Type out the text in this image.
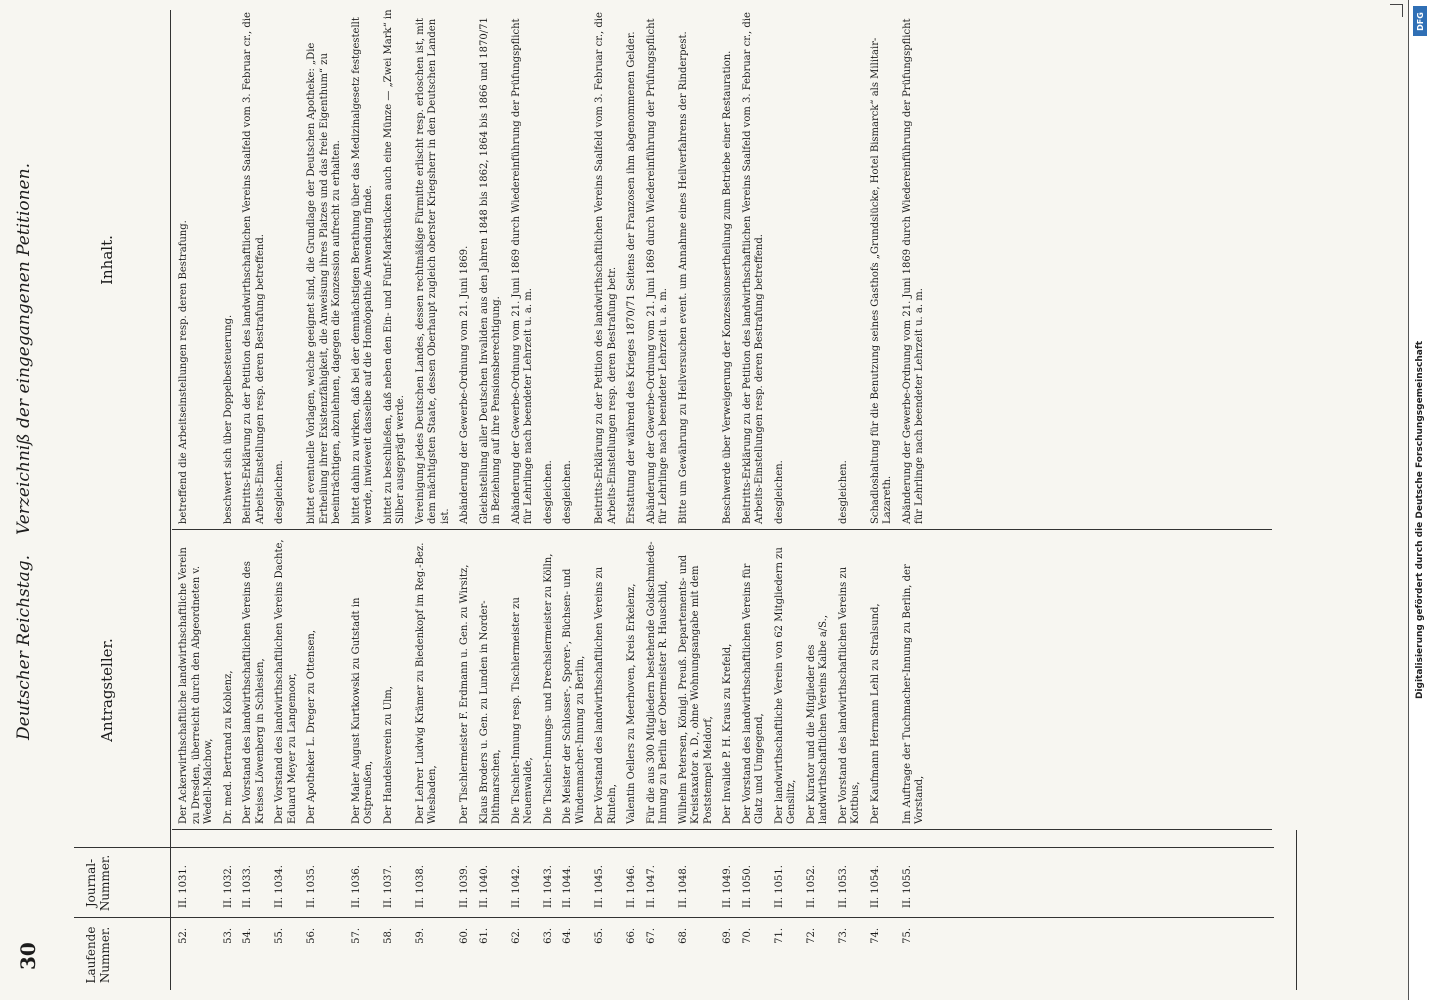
DFG
Digitalisierung gefördert durch die Deutsche Forschungsgemeinschaft
30
Deutscher Reichstag.Verzeichniß der eingegangenen Petitionen.
Laufende Nummer.
Journal-Nummer.
Antragsteller.
Inhalt.
52.
II. 1031.
Der Ackerwirthschaftliche landwirthschaftliche Verein zu Dresden, überreicht durch den Abgeordneten v. Wedell-Malchow,
betreffend die Arbeitseinstellungen resp. deren Bestrafung.
53.
II. 1032.
Dr. med. Bertrand zu Koblenz,
beschwert sich über Doppelbesteuerung.
54.
II. 1033.
Der Vorstand des landwirthschaftlichen Vereins des Kreises Löwenberg in Schlesien,
Beitritts-Erklärung zu der Petition des landwirthschaftlichen Vereins Saalfeld vom 3. Februar cr., die Arbeits-Einstellungen resp. deren Bestrafung betreffend.
55.
II. 1034.
Der Vorstand des landwirthschaftlichen Vereins Dachte, Eduard Meyer zu Langemoor,
desgleichen.
56.
II. 1035.
Der Apotheker L. Dreger zu Ottensen,
bittet eventuelle Vorlagen, welche geeignet sind, die Grundlage der Deutschen Apotheke: „Die Ertheilung ihrer Existenzfähigkeit, die Anweisung ihres Platzes und das freie Eigenthum“ zu beeinträchtigen, abzulehnen, dagegen die Konzession aufrecht zu erhalten.
57.
II. 1036.
Der Maler August Kurtkowski zu Gutstadt in Ostpreußen,
bittet dahin zu wirken, daß bei der demnächstigen Berathung über das Medizinalgesetz festgestellt werde, inwieweit dasselbe auf die Homöopathie Anwendung finde.
58.
II. 1037.
Der Handelsverein zu Ulm,
bittet zu beschließen, daß neben den Ein- und Fünf-Markstücken auch eine Münze — „Zwei Mark“ in Silber ausgeprägt werde.
59.
II. 1038.
Der Lehrer Ludwig Krämer zu Biedenkopf im Reg.-Bez. Wiesbaden,
Vereinigung jedes Deutschen Landes, dessen rechtmäßige Fürmitte erlischt resp. erloschen ist, mit dem mächtigsten Staate, dessen Oberhaupt zugleich oberster Kriegsherr in den Deutschen Landen ist.
60.
II. 1039.
Der Tischlermeister F. Erdmann u. Gen. zu Wirsitz,
Abänderung der Gewerbe-Ordnung vom 21. Juni 1869.
61.
II. 1040.
Klaus Broders u. Gen. zu Lunden in Norder-Dithmarschen,
Gleichstellung aller Deutschen Invaliden aus den Jahren 1848 bis 1862, 1864 bis 1866 und 1870/71 in Beziehung auf ihre Pensionsberechtigung.
62.
II. 1042.
Die Tischler-Innung resp. Tischlermeister zu Neuenwalde,
Abänderung der Gewerbe-Ordnung vom 21. Juni 1869 durch Wiedereinführung der Prüfungspflicht für Lehrlinge nach beendeter Lehrzeit u. a. m.
63.
II. 1043.
Die Tischler-Innungs- und Drechslermeister zu Kölln,
desgleichen.
64.
II. 1044.
Die Meister der Schlosser-, Sporer-, Büchsen- und Windenmacher-Innung zu Berlin,
desgleichen.
65.
II. 1045.
Der Vorstand des landwirthschaftlichen Vereins zu Rinteln,
Beitritts-Erklärung zu der Petition des landwirthschaftlichen Vereins Saalfeld vom 3. Februar cr., die Arbeits-Einstellungen resp. deren Bestrafung betr.
66.
II. 1046.
Valentin Oellers zu Meerhoven, Kreis Erkelenz,
Erstattung der während des Krieges 1870/71 Seitens der Franzosen ihm abgenommenen Gelder.
67.
II. 1047.
Für die aus 300 Mitgliedern bestehende Goldschmiede-Innung zu Berlin der Obermeister R. Hauschild,
Abänderung der Gewerbe-Ordnung vom 21. Juni 1869 durch Wiedereinführung der Prüfungspflicht für Lehrlinge nach beendeter Lehrzeit u. a. m.
68.
II. 1048.
Wilhelm Petersen, Königl. Preuß. Departements- und Kreistaxator a. D., ohne Wohnungsangabe mit dem Poststempel Meldorf,
Bitte um Gewährung zu Heilversuchen event. um Annahme eines Heilverfahrens der Rinderpest.
69.
II. 1049.
Der Invalide P. H. Kraus zu Krefeld,
Beschwerde über Verweigerung der Konzessionsertheilung zum Betriebe einer Restauration.
70.
II. 1050.
Der Vorstand des landwirthschaftlichen Vereins für Glatz und Umgegend,
Beitritts-Erklärung zu der Petition des landwirthschaftlichen Vereins Saalfeld vom 3. Februar cr., die Arbeits-Einstellungen resp. deren Bestrafung betreffend.
71.
II. 1051.
Der landwirthschaftliche Verein von 62 Mitgliedern zu Genslitz,
desgleichen.
72.
II. 1052.
Der Kurator und die Mitglieder des landwirthschaftlichen Vereins Kalbe a/S.,
73.
II. 1053.
Der Vorstand des landwirthschaftlichen Vereins zu Kottbus,
desgleichen.
74.
II. 1054.
Der Kaufmann Hermann Lehl zu Stralsund,
Schadloshaltung für die Benutzung seines Gasthofs „Grundslücke, Hotel Bismarck“ als Militair-Lazareth.
75.
II. 1055.
Im Auftrage der Tuchmacher-Innung zu Berlin, der Vorstand,
Abänderung der Gewerbe-Ordnung vom 21. Juni 1869 durch Wiedereinführung der Prüfungspflicht für Lehrlinge nach beendeter Lehrzeit u. a. m.
